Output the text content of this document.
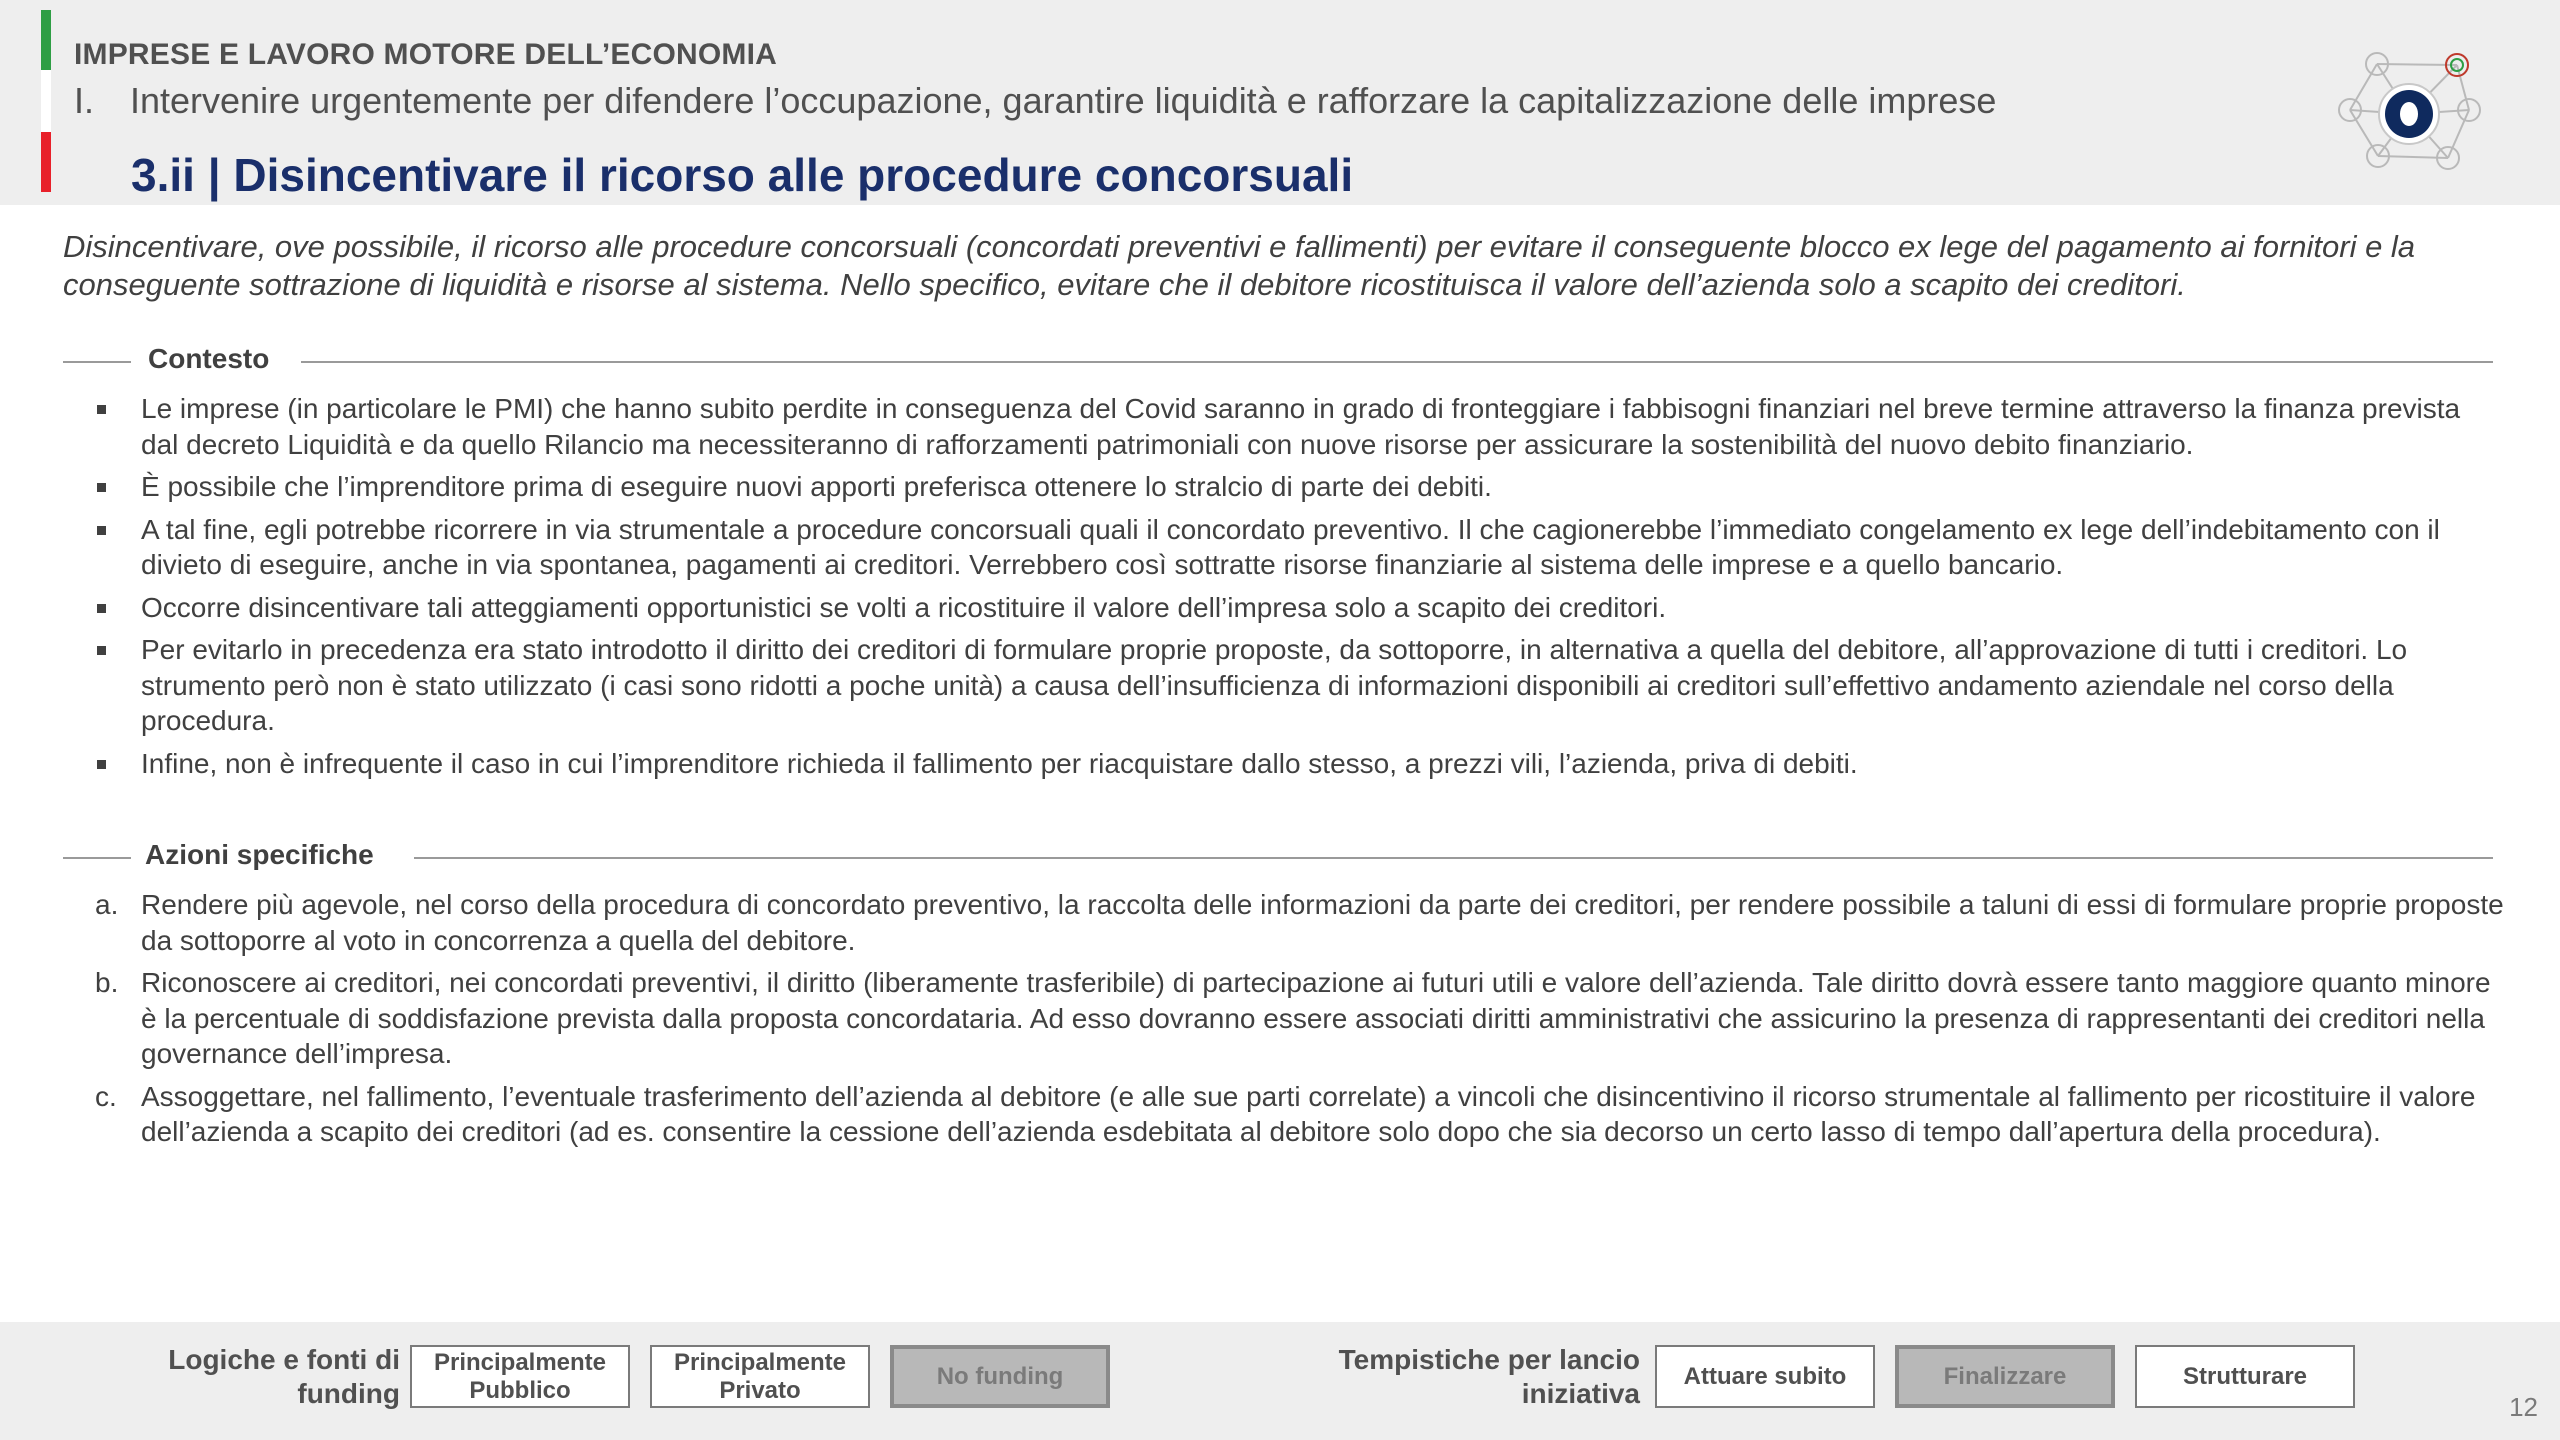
IMPRESE E LAVORO MOTORE DELL’ECONOMIA
I. Intervenire urgentemente per difendere l’occupazione, garantire liquidità e rafforzare la capitalizzazione delle imprese
3.ii | Disincentivare il ricorso alle procedure concorsuali
Disincentivare, ove possibile, il ricorso alle procedure concorsuali (concordati preventivi e fallimenti) per evitare il conseguente blocco ex lege del pagamento ai fornitori e la conseguente sottrazione di liquidità e risorse al sistema. Nello specifico, evitare che il debitore ricostituisca il valore dell’azienda solo a scapito dei creditori.
Contesto
Le imprese (in particolare le PMI) che hanno subito perdite in conseguenza del Covid saranno in grado di fronteggiare i fabbisogni finanziari nel breve termine attraverso la finanza prevista dal decreto Liquidità e da quello Rilancio ma necessiteranno di rafforzamenti patrimoniali con nuove risorse per assicurare la sostenibilità del nuovo debito finanziario.
È possibile che l’imprenditore prima di eseguire nuovi apporti preferisca ottenere lo stralcio di parte dei debiti.
A tal fine, egli potrebbe ricorrere in via strumentale a procedure concorsuali quali il concordato preventivo. Il che cagionerebbe l’immediato congelamento ex lege dell’indebitamento con il divieto di eseguire, anche in via spontanea, pagamenti ai creditori. Verrebbero così sottratte risorse finanziarie al sistema delle imprese e a quello bancario.
Occorre disincentivare tali atteggiamenti opportunistici se volti a ricostituire il valore dell’impresa solo a scapito dei creditori.
Per evitarlo in precedenza era stato introdotto il diritto dei creditori di formulare proprie proposte, da sottoporre, in alternativa a quella del debitore, all’approvazione di tutti i creditori. Lo strumento però non è stato utilizzato (i casi sono ridotti a poche unità) a causa dell’insufficienza di informazioni disponibili ai creditori sull’effettivo andamento aziendale nel corso della procedura.
Infine, non è infrequente il caso in cui l’imprenditore richieda il fallimento per riacquistare dallo stesso, a prezzi vili, l’azienda, priva di debiti.
Azioni specifiche
a. Rendere più agevole, nel corso della procedura di concordato preventivo, la raccolta delle informazioni da parte dei creditori, per rendere possibile a taluni di essi di formulare proprie proposte da sottoporre al voto in concorrenza a quella del debitore.
b. Riconoscere ai creditori, nei concordati preventivi, il diritto (liberamente trasferibile) di partecipazione ai futuri utili e valore dell’azienda. Tale diritto dovrà essere tanto maggiore quanto minore è la percentuale di soddisfazione prevista dalla proposta concordataria. Ad esso dovranno essere associati diritti amministrativi che assicurino la presenza di rappresentanti dei creditori nella governance dell’impresa.
c. Assoggettare, nel fallimento, l’eventuale trasferimento dell’azienda al debitore (e alle sue parti correlate) a vincoli che disincentivino il ricorso strumentale al fallimento per ricostituire il valore dell’azienda a scapito dei creditori (ad es. consentire la cessione dell’azienda esdebitata al debitore solo dopo che sia decorso un certo lasso di tempo dall’apertura della procedura).
Logiche e fonti di
funding
Principalmente
Pubblico
Principalmente
Privato
No funding
Tempistiche per lancio
iniziativa
Attuare subito	Finalizzare	Strutturare
12
